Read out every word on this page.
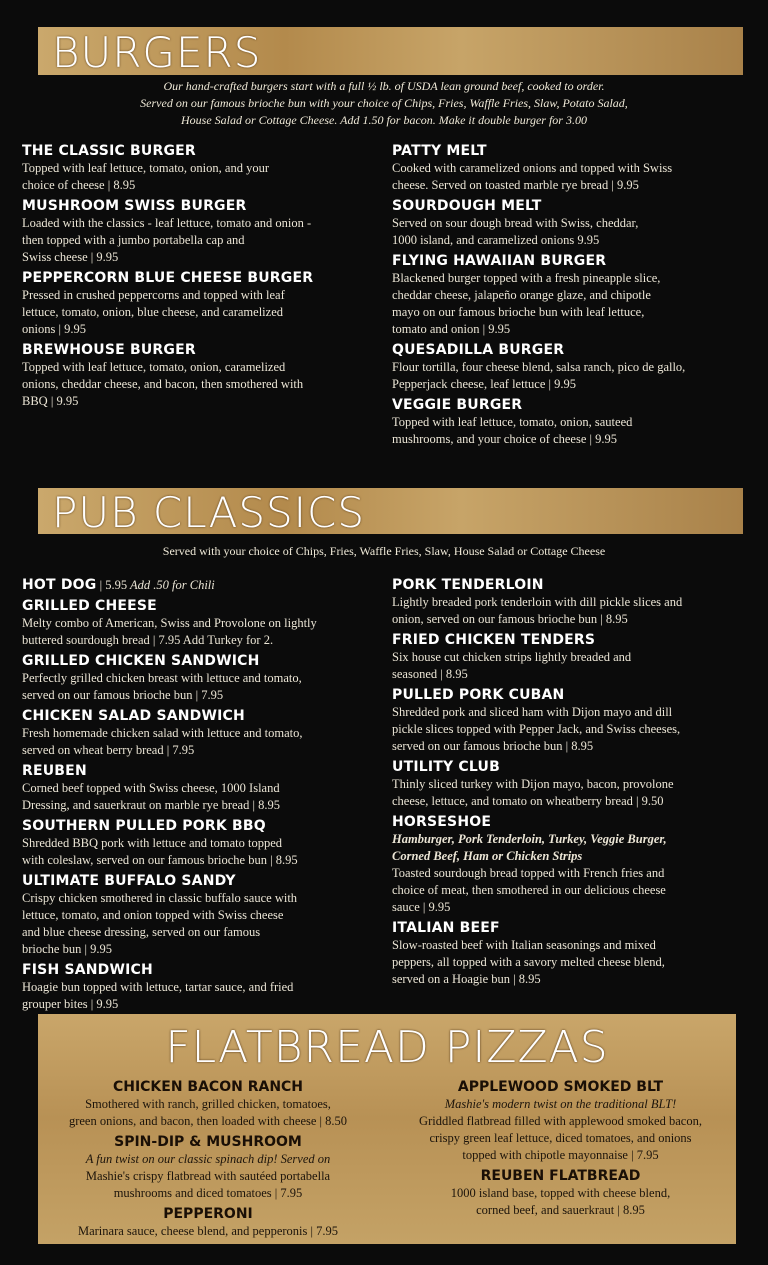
BURGERS
Our hand-crafted burgers start with a full ½ lb. of USDA lean ground beef, cooked to order.
Served on our famous brioche bun with your choice of Chips, Fries, Waffle Fries, Slaw, Potato Salad,
House Salad or Cottage Cheese. Add 1.50 for bacon. Make it double burger for 3.00
THE CLASSIC BURGER
Topped with leaf lettuce, tomato, onion, and your
choice of cheese | 8.95
MUSHROOM SWISS BURGER
Loaded with the classics - leaf lettuce, tomato and onion -
then topped with a jumbo portabella cap and
Swiss cheese | 9.95
PEPPERCORN BLUE CHEESE BURGER
Pressed in crushed peppercorns and topped with leaf
lettuce, tomato, onion, blue cheese, and caramelized
onions | 9.95
BREWHOUSE BURGER
Topped with leaf lettuce, tomato, onion, caramelized
onions, cheddar cheese, and bacon, then smothered with
BBQ | 9.95
PATTY MELT
Cooked with caramelized onions and topped with Swiss
cheese. Served on toasted marble rye bread | 9.95
SOURDOUGH MELT
Served on sour dough bread with Swiss, cheddar,
1000 island, and caramelized onions 9.95
FLYING HAWAIIAN BURGER
Blackened burger topped with a fresh pineapple slice,
cheddar cheese, jalapeño orange glaze, and chipotle
mayo on our famous brioche bun with leaf lettuce,
tomato and onion | 9.95
QUESADILLA BURGER
Flour tortilla, four cheese blend, salsa ranch, pico de gallo,
Pepperjack cheese, leaf lettuce | 9.95
VEGGIE BURGER
Topped with leaf lettuce, tomato, onion, sauteed
mushrooms, and your choice of cheese | 9.95
PUB CLASSICS
Served with your choice of Chips, Fries, Waffle Fries, Slaw, House Salad or Cottage Cheese
HOT DOG | 5.95 Add .50 for Chili
GRILLED CHEESE
Melty combo of American, Swiss and Provolone on lightly
buttered sourdough bread | 7.95 Add Turkey for 2.
GRILLED CHICKEN SANDWICH
Perfectly grilled chicken breast with lettuce and tomato,
served on our famous brioche bun | 7.95
CHICKEN SALAD SANDWICH
Fresh homemade chicken salad with lettuce and tomato,
served on wheat berry bread | 7.95
REUBEN
Corned beef topped with Swiss cheese, 1000 Island
Dressing, and sauerkraut on marble rye bread | 8.95
SOUTHERN PULLED PORK BBQ
Shredded BBQ pork with lettuce and tomato topped
with coleslaw, served on our famous brioche bun | 8.95
ULTIMATE BUFFALO SANDY
Crispy chicken smothered in classic buffalo sauce with
lettuce, tomato, and onion topped with Swiss cheese
and blue cheese dressing, served on our famous
brioche bun | 9.95
FISH SANDWICH
Hoagie bun topped with lettuce, tartar sauce, and fried
grouper bites | 9.95
PORK TENDERLOIN
Lightly breaded pork tenderloin with dill pickle slices and
onion, served on our famous brioche bun | 8.95
FRIED CHICKEN TENDERS
Six house cut chicken strips lightly breaded and
seasoned | 8.95
PULLED PORK CUBAN
Shredded pork and sliced ham with Dijon mayo and dill
pickle slices topped with Pepper Jack, and Swiss cheeses,
served on our famous brioche bun | 8.95
UTILITY CLUB
Thinly sliced turkey with Dijon mayo, bacon, provolone
cheese, lettuce, and tomato on wheatberry bread | 9.50
HORSESHOE
Hamburger, Pork Tenderloin, Turkey, Veggie Burger,
Corned Beef, Ham or Chicken Strips
Toasted sourdough bread topped with French fries and
choice of meat, then smothered in our delicious cheese
sauce | 9.95
ITALIAN BEEF
Slow-roasted beef with Italian seasonings and mixed
peppers, all topped with a savory melted cheese blend,
served on a Hoagie bun | 8.95
FLATBREAD PIZZAS
CHICKEN BACON RANCH
Smothered with ranch, grilled chicken, tomatoes,
green onions, and bacon, then loaded with cheese | 8.50
SPIN-DIP & MUSHROOM
A fun twist on our classic spinach dip! Served on
Mashie's crispy flatbread with sautéed portabella
mushrooms and diced tomatoes | 7.95
PEPPERONI
Marinara sauce, cheese blend, and pepperonis | 7.95
APPLEWOOD SMOKED BLT
Mashie's modern twist on the traditional BLT!
Griddled flatbread filled with applewood smoked bacon,
crispy green leaf lettuce, diced tomatoes, and onions
topped with chipotle mayonnaise | 7.95
REUBEN FLATBREAD
1000 island base, topped with cheese blend,
corned beef, and sauerkraut | 8.95
